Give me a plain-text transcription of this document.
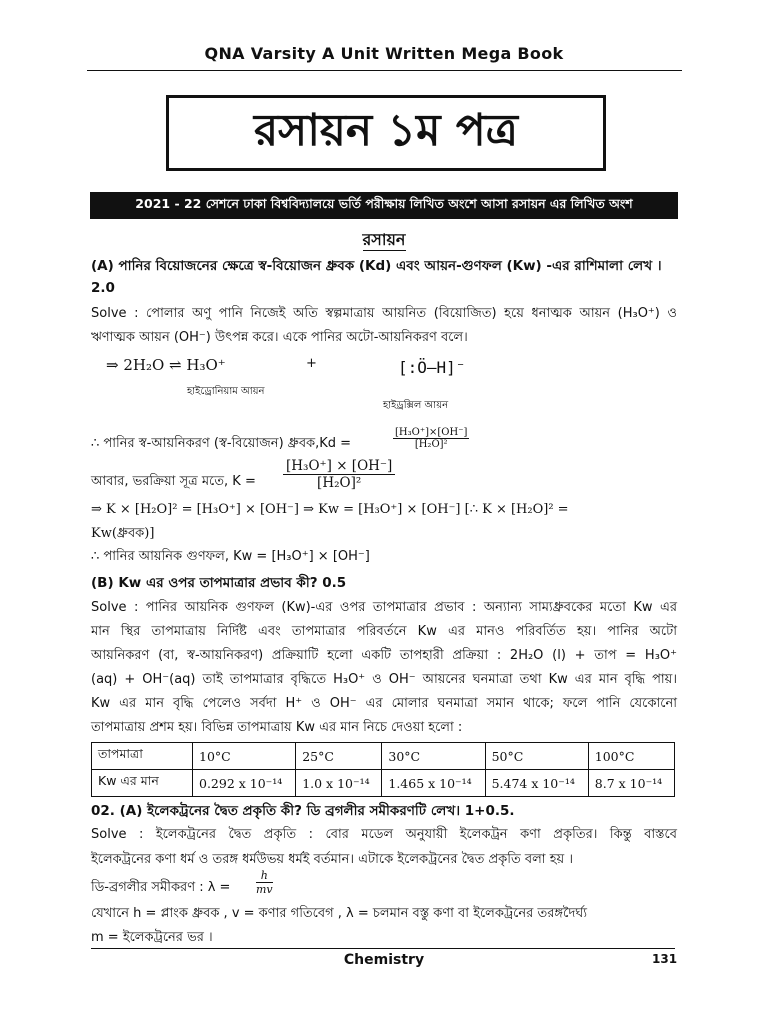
QNA Varsity A Unit Written Mega Book
রসায়ন ১ম পত্র
2021 - 22 সেশনে ঢাকা বিশ্ববিদ্যালয়ে ভর্তি পরীক্ষায় লিখিত অংশে আসা রসায়ন এর লিখিত অংশ
রসায়ন
(A) পানির বিয়োজনের ক্ষেত্রে স্ব-বিয়োজন ধ্রুবক (Kd) এবং আয়ন-গুণফল (Kw) -এর রাশিমালা লেখ ।
2.0
Solve : পোলার অণু পানি নিজেই অতি স্বল্পমাত্রায় আয়নিত (বিয়োজিত) হয়ে ধনাত্মক আয়ন (H₃O⁺) ও
ঋণাত্মক আয়ন (OH⁻) উৎপন্ন করে। একে পানির অটো-আয়নিকরণ বলে।
⇒ 2H₂O ⇌ H₃O⁺	+	[:Ö—H]⁻
হাইড্রোনিয়াম আয়ন
হাইড্রক্সিল আয়ন
∴ পানির স্ব-আয়নিকরণ (স্ব-বিয়োজন) ধ্রুবক,Kd =	$\frac{\text{[H₃O⁺]×[OH⁻]}}{\text{[H₂O]²}}$
আবার, ভরক্রিয়া সূত্র মতে, $K = \frac{\text{[H₃O⁺] × [OH⁻]}}{\text{[H₂O]²}}$
⇒ K × [H₂O]² = [H₃O⁺] × [OH⁻] ⇒ Kw = [H₃O⁺] × [OH⁻] [∴ K × [H₂O]² =
Kw(ধ্রুবক)]
∴ পানির আয়নিক গুণফল, Kw = [H₃O⁺] × [OH⁻]
(B) Kw এর ওপর তাপমাত্রার প্রভাব কী? 0.5
Solve : পানির আয়নিক গুণফল (Kw)-এর ওপর তাপমাত্রার প্রভাব : অন্যান্য সাম্যধ্রুবকের মতো Kw এর
মান স্থির তাপমাত্রায় নির্দিষ্ট এবং তাপমাত্রার পরিবর্তনে Kw এর মানও পরিবর্তিত হয়। পানির অটো
আয়নিকরণ (বা, স্ব-আয়নিকরণ) প্রক্রিয়াটি হলো একটি তাপহারী প্রক্রিয়া : 2H₂O (l) + তাপ = H₃O⁺
(aq) + OH⁻(aq) তাই তাপমাত্রার বৃদ্ধিতে H₃O⁺ ও OH⁻ আয়নের ঘনমাত্রা তথা Kw এর মান বৃদ্ধি পায়।
Kw এর মান বৃদ্ধি পেলেও সর্বদা H⁺ ও OH⁻ এর মোলার ঘনমাত্রা সমান থাকে; ফলে পানি যেকোনো
তাপমাত্রায় প্রশম হয়। বিভিন্ন তাপমাত্রায় Kw এর মান নিচে দেওয়া হলো :
তাপমাত্রা	10°C	25°C	30°C	50°C	100°C
Kw এর মান	0.292 x 10⁻¹⁴	1.0 x 10⁻¹⁴	1.465 x 10⁻¹⁴	5.474 x 10⁻¹⁴	8.7 x 10⁻¹⁴
02. (A) ইলেকট্রনের দ্বৈত প্রকৃতি কী? ডি ব্রগলীর সমীকরণটি লেখ। 1+0.5.
Solve : ইলেকট্রনের দ্বৈত প্রকৃতি : বোর মডেল অনুযায়ী ইলেকট্রন কণা প্রকৃতির। কিন্তু বাস্তবে
ইলেকট্রনের কণা ধর্ম ও তরঙ্গ ধর্মউভয় ধর্মই বর্তমান। এটাকে ইলেকট্রনের দ্বৈত প্রকৃতি বলা হয় ।
ডি-ব্রগলীর সমীকরণ : $\lambda = \frac{h}{mv}$
যেখানে h = প্লাংক ধ্রুবক , v = কণার গতিবেগ , λ = চলমান বস্তু কণা বা ইলেকট্রনের তরঙ্গদৈর্ঘ্য
m = ইলেকট্রনের ভর ।
Chemistry	131
